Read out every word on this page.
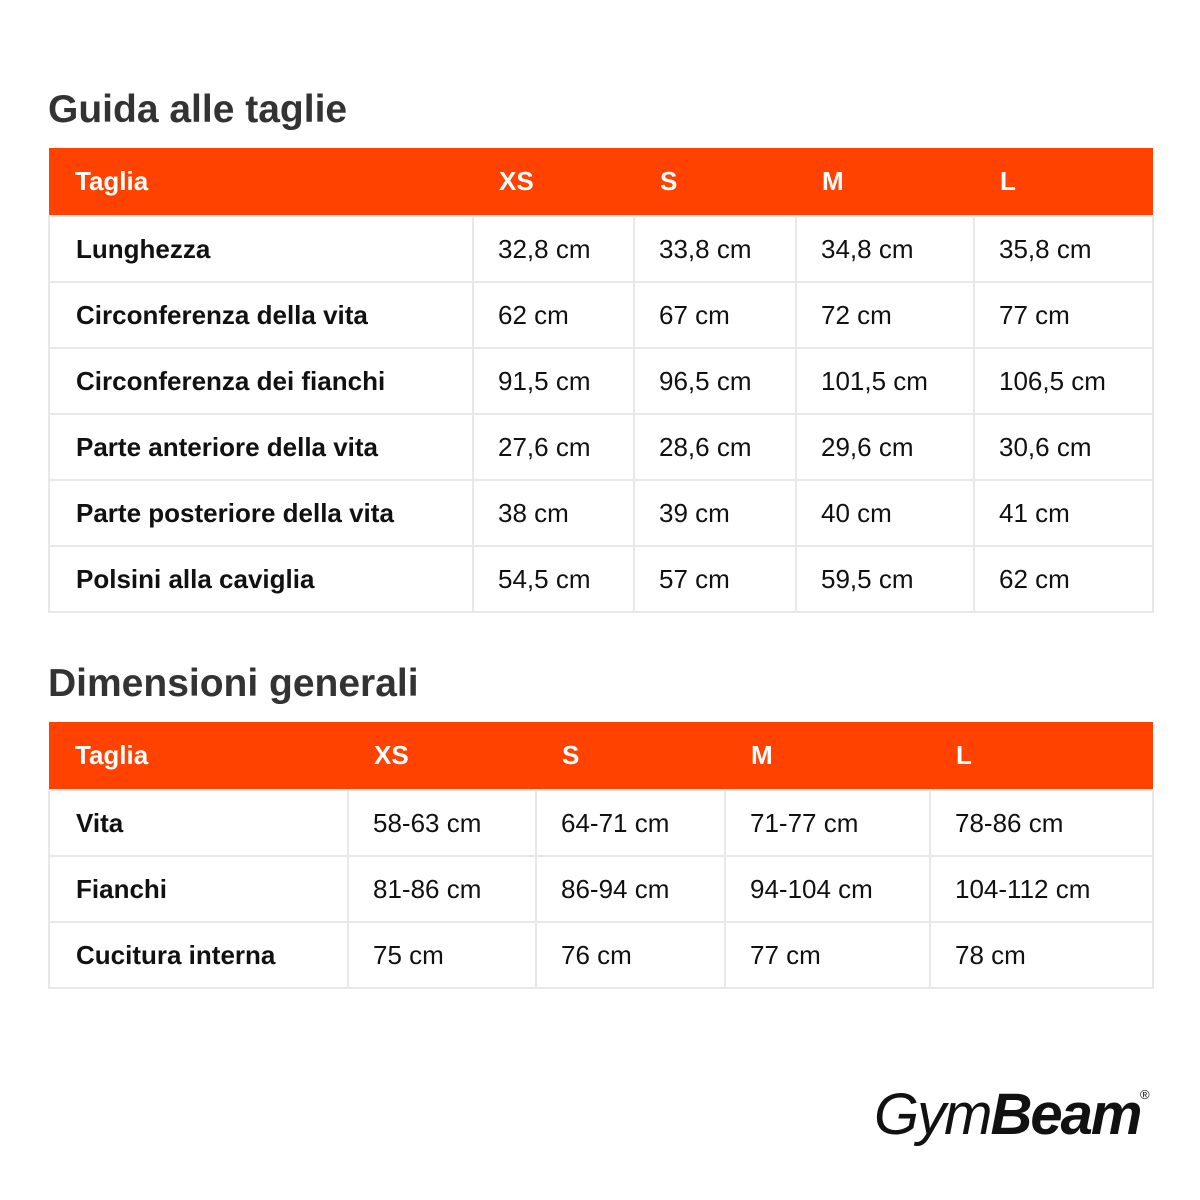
Guida alle taglie
Taglia	XS	S	M	L
Lunghezza	32,8 cm	33,8 cm	34,8 cm	35,8 cm
Circonferenza della vita	62 cm	67 cm	72 cm	77 cm
Circonferenza dei fianchi	91,5 cm	96,5 cm	101,5 cm	106,5 cm
Parte anteriore della vita	27,6 cm	28,6 cm	29,6 cm	30,6 cm
Parte posteriore della vita	38 cm	39 cm	40 cm	41 cm
Polsini alla caviglia	54,5 cm	57 cm	59,5 cm	62 cm
Dimensioni generali
Taglia	XS	S	M	L
Vita	58-63 cm	64-71 cm	71-77 cm	78-86 cm
Fianchi	81-86 cm	86-94 cm	94-104 cm	104-112 cm
Cucitura interna	75 cm	76 cm	77 cm	78 cm
GymBeam ®
